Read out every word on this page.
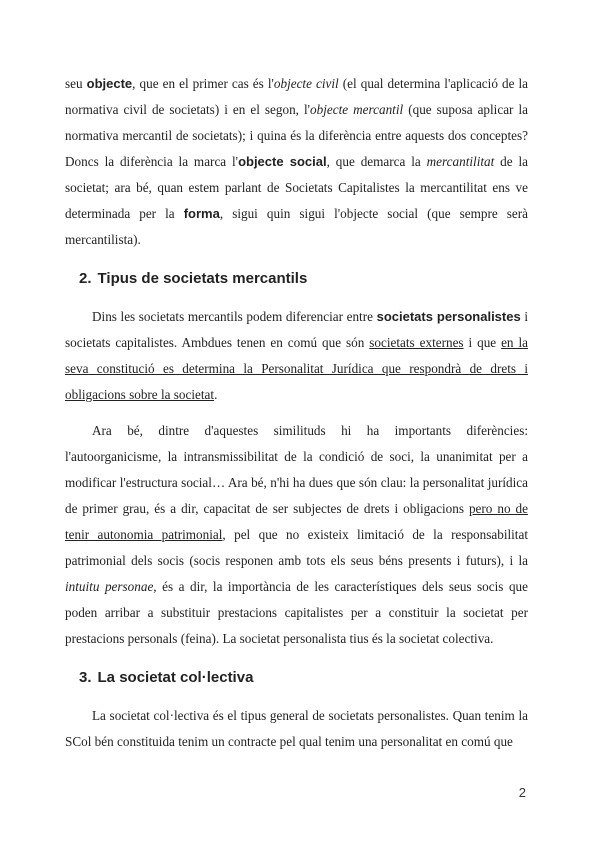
seu objecte, que en el primer cas és l'objecte civil (el qual determina l'aplicació de la normativa civil de societats) i en el segon, l'objecte mercantil (que suposa aplicar la normativa mercantil de societats); i quina és la diferència entre aquests dos conceptes? Doncs la diferència la marca l'objecte social, que demarca la mercantilitat de la societat; ara bé, quan estem parlant de Societats Capitalistes la mercantilitat ens ve determinada per la forma, sigui quin sigui l'objecte social (que sempre serà mercantilista).

2. Tipus de societats mercantils

Dins les societats mercantils podem diferenciar entre societats personalistes i societats capitalistes. Ambdues tenen en comú que són societats externes i que en la seva constitució es determina la Personalitat Jurídica que respondrà de drets i obligacions sobre la societat.

Ara bé, dintre d'aquestes similituds hi ha importants diferències: l'autoorganicisme, la intransmissibilitat de la condició de soci, la unanimitat per a modificar l'estructura social… Ara bé, n'hi ha dues que són clau: la personalitat jurídica de primer grau, és a dir, capacitat de ser subjectes de drets i obligacions pero no de tenir autonomia patrimonial, pel que no existeix limitació de la responsabilitat patrimonial dels socis (socis responen amb tots els seus béns presents i futurs), i la intuitu personae, és a dir, la importància de les característiques dels seus socis que poden arribar a substituir prestacions capitalistes per a constituir la societat per prestacions personals (feina). La societat personalista tius és la societat colectiva.

3. La societat col·lectiva

La societat col·lectiva és el tipus general de societats personalistes. Quan tenim la SCol bén constituida tenim un contracte pel qual tenim una personalitat en comú que

2
